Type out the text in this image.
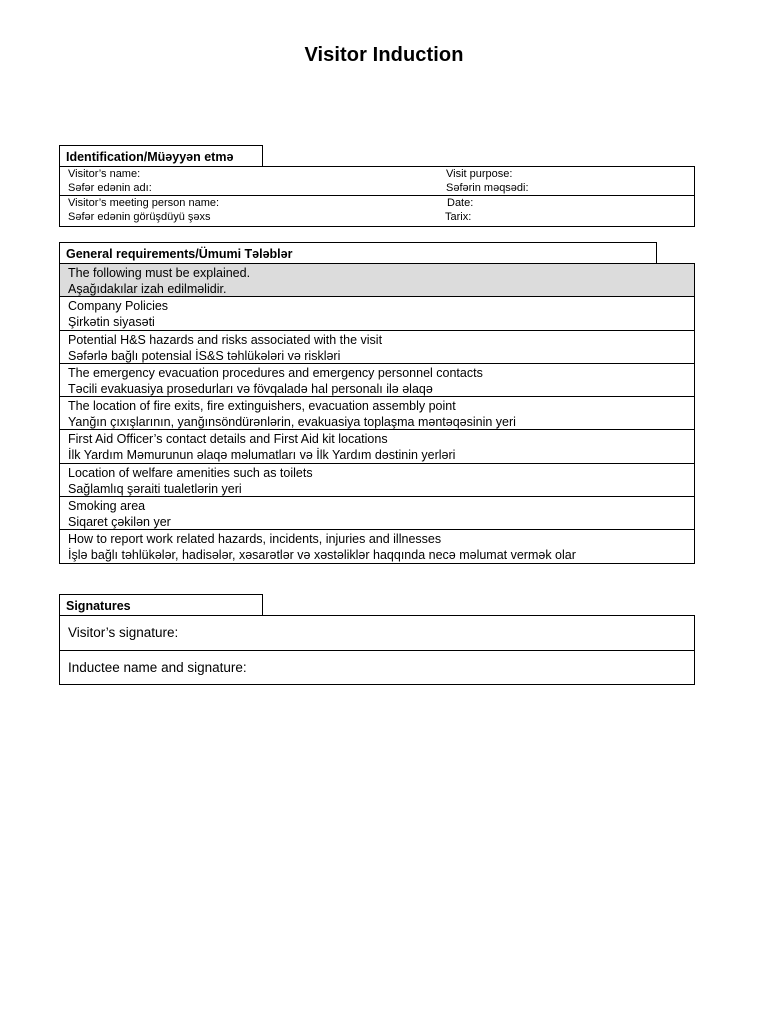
Visitor Induction
Identification/Müəyyən etmə
Visitor’s name:
Səfər edənin adı:
Visit purpose:
Səfərin məqsədi:
Visitor’s meeting person name:
Səfər edənin görüşdüyü şəxs
Date:
Tarix:
General requirements/Ümumi Tələblər
The following must be explained.
Aşağıdakılar izah edilməlidir.
Company Policies
Şirkətin siyasəti
Potential H&S hazards and risks associated with the visit
Səfərlə bağlı potensial İS&S təhlükələri və riskləri
The emergency evacuation procedures and emergency personnel contacts
Təcili evakuasiya prosedurları və fövqaladə hal personalı ilə əlaqə
The location of fire exits, fire extinguishers, evacuation assembly point
Yanğın çıxışlarının, yanğınsöndürənlərin, evakuasiya toplaşma məntəqəsinin yeri
First Aid Officer’s contact details and First Aid kit locations
İlk Yardım Məmurunun əlaqə məlumatları və İlk Yardım dəstinin yerləri
Location of welfare amenities such as toilets
Sağlamlıq şəraiti tualetlərin yeri
Smoking area
Siqaret çəkilən yer
How to report work related hazards, incidents, injuries and illnesses
İşlə bağlı təhlükələr, hadisələr, xəsarətlər və xəstəliklər haqqında necə məlumat vermək olar
Signatures
Visitor’s signature:
Inductee name and signature:
